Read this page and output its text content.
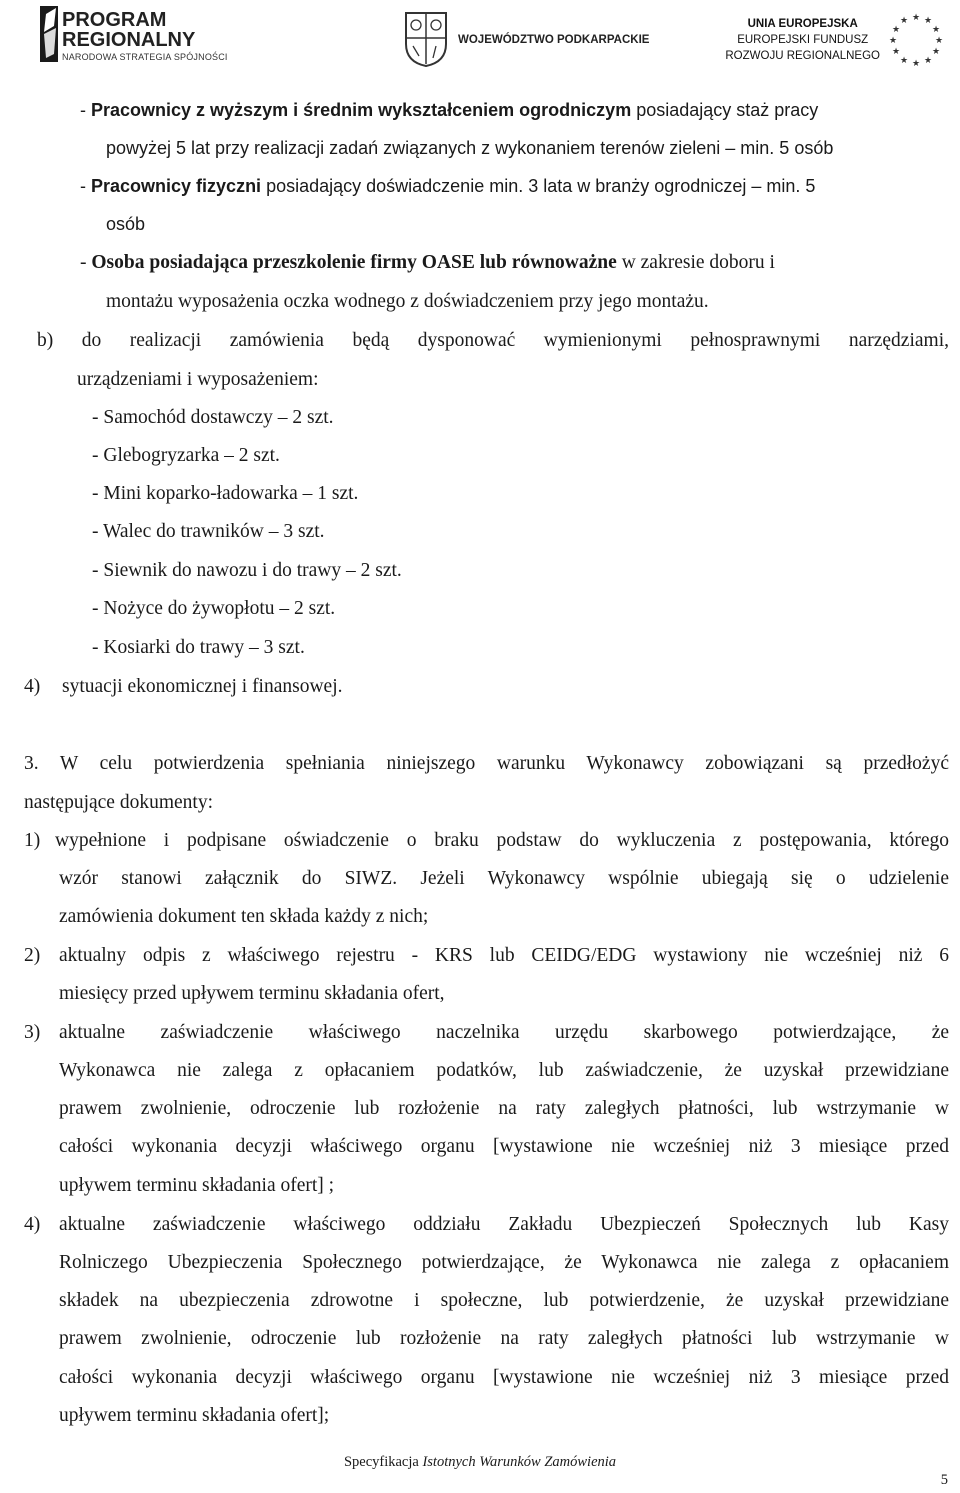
PROGRAM
REGIONALNY
NARODOWA STRATEGIA SPÓJNOŚCI
WOJEWÓDZTWO PODKARPACKIE
UNIA EUROPEJSKA
EUROPEJSKI FUNDUSZ
ROZWOJU REGIONALNEGO
★ ★
★
★
★
★
★
★
★
★
★
★
- Pracownicy z wyższym i średnim wykształceniem ogrodniczym posiadający staż pracy
powyżej 5 lat przy realizacji zadań związanych z wykonaniem terenów zieleni – min. 5 osób
- Pracownicy fizyczni posiadający doświadczenie min. 3 lata w branży ogrodniczej – min. 5
osób
- Osoba posiadająca przeszkolenie firmy OASE lub równoważne w zakresie doboru i
montażu wyposażenia oczka wodnego z doświadczeniem przy jego montażu.
b) do realizacji zamówienia będą dysponować wymienionymi pełnosprawnymi narzędziami,
urządzeniami i wyposażeniem:
- Samochód dostawczy – 2 szt.
- Glebogryzarka – 2 szt.
- Mini koparko-ładowarka – 1 szt.
- Walec do trawników – 3 szt.
- Siewnik do nawozu i do trawy – 2 szt.
- Nożyce do żywopłotu – 2 szt.
- Kosiarki do trawy – 3 szt.
4) sytuacji ekonomicznej i finansowej.
3. W celu potwierdzenia spełniania niniejszego warunku Wykonawcy zobowiązani są przedłożyć
następujące dokumenty:
1) wypełnione i podpisane oświadczenie o braku podstaw do wykluczenia z postępowania, którego
wzór stanowi załącznik do SIWZ. Jeżeli Wykonawcy wspólnie ubiegają się o udzielenie
zamówienia dokument ten składa każdy z nich;
2) aktualny odpis z właściwego rejestru - KRS lub CEIDG/EDG wystawiony nie wcześniej niż 6
miesięcy przed upływem terminu składania ofert,
3) aktualne zaświadczenie właściwego naczelnika urzędu skarbowego potwierdzające, że
Wykonawca nie zalega z opłacaniem podatków, lub zaświadczenie, że uzyskał przewidziane
prawem zwolnienie, odroczenie lub rozłożenie na raty zaległych płatności, lub wstrzymanie w
całości wykonania decyzji właściwego organu [wystawione nie wcześniej niż 3 miesiące przed
upływem terminu składania ofert] ;
4) aktualne zaświadczenie właściwego oddziału Zakładu Ubezpieczeń Społecznych lub Kasy
Rolniczego Ubezpieczenia Społecznego potwierdzające, że Wykonawca nie zalega z opłacaniem
składek na ubezpieczenia zdrowotne i społeczne, lub potwierdzenie, że uzyskał przewidziane
prawem zwolnienie, odroczenie lub rozłożenie na raty zaległych płatności lub wstrzymanie w
całości wykonania decyzji właściwego organu [wystawione nie wcześniej niż 3 miesiące przed
upływem terminu składania ofert];
Specyfikacja Istotnych Warunków Zamówienia
5
